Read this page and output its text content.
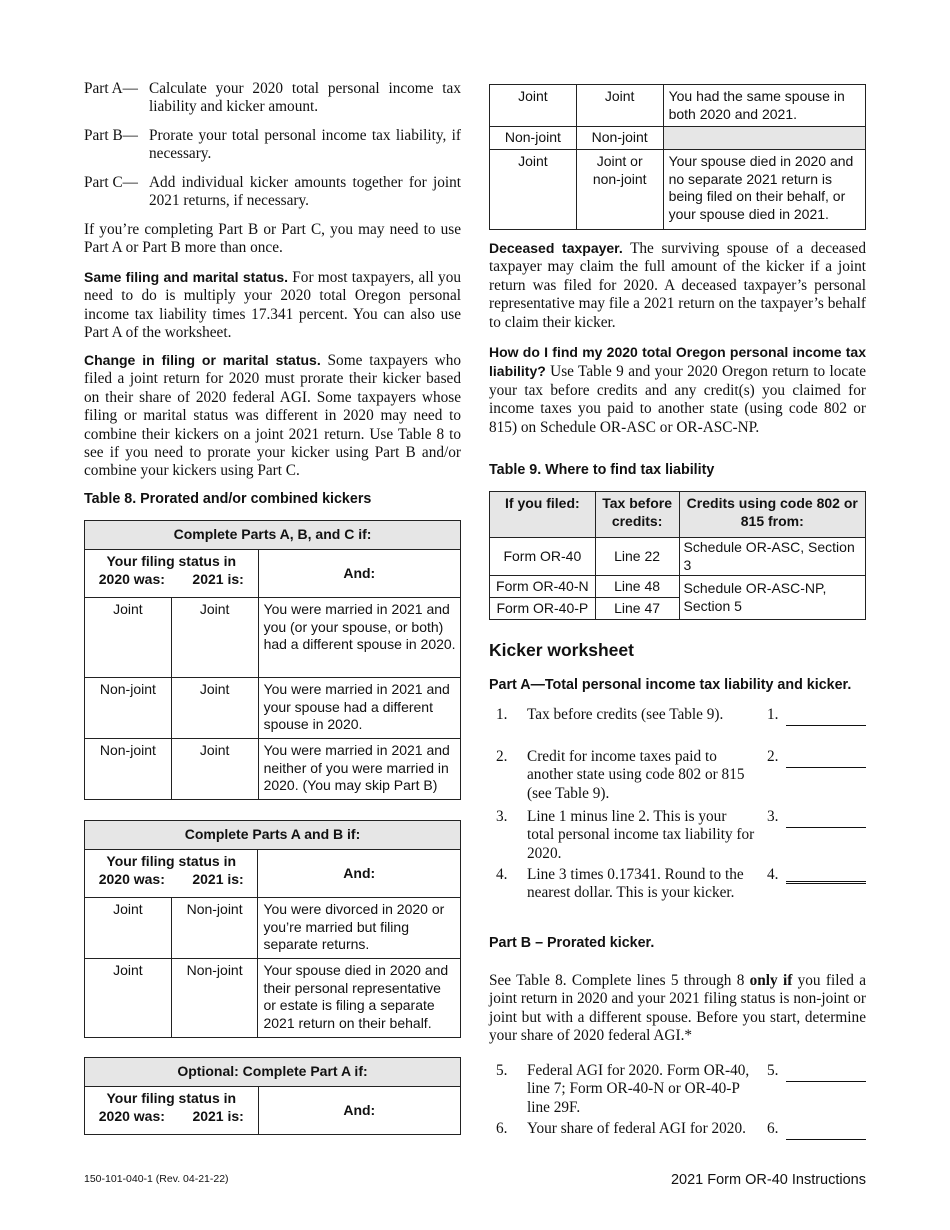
Part A— Calculate your 2020 total personal income tax liability and kicker amount.
Part B— Prorate your total personal income tax liability, if necessary.
Part C— Add individual kicker amounts together for joint 2021 returns, if necessary.

If you’re completing Part B or Part C, you may need to use Part A or Part B more than once.

Same filing and marital status. For most taxpayers, all you need to do is multiply your 2020 total Oregon personal income tax liability times 17.341 percent. You can also use Part A of the worksheet.

Change in filing or marital status. Some taxpayers who filed a joint return for 2020 must prorate their kicker based on their share of 2020 federal AGI. Some taxpayers whose filing or marital status was different in 2020 may need to combine their kickers on a joint 2021 return. Use Table 8 to see if you need to prorate your kicker using Part B and/or combine your kickers using Part C.

Table 8. Prorated and/or combined kickers
Complete Parts A, B, and C if:		

Your filing status in
2020 was: 2021 is:		And:
Joint	Joint	You were married in 2021 and you (or your spouse, or both) had a different spouse in 2020.
Non-joint	Joint	You were married in 2021 and your spouse had a different spouse in 2020.
Non-joint	Joint	You were married in 2021 and neither of you were married in 2020. (You may skip Part B)
Complete Parts A and B if:		

Your filing status in
2020 was: 2021 is:		And:
Joint	Non-joint	You were divorced in 2020 or you’re married but filing separate returns.
Joint	Non-joint	Your spouse died in 2020 and their personal representative or estate is filing a separate 2021 return on their behalf.
Optional: Complete Part A if:

Your filing status in
2020 was: 2021 is:	And:
Joint	Joint	You had the same spouse in both 2020 and 2021.
Non-joint	Non-joint	
Joint	Joint or non-joint	Your spouse died in 2020 and no separate 2021 return is being filed on their behalf, or your spouse died in 2021.

Deceased taxpayer. The surviving spouse of a deceased taxpayer may claim the full amount of the kicker if a joint return was filed for 2020. A deceased taxpayer’s personal representative may file a 2021 return on the taxpayer’s behalf to claim their kicker.

How do I find my 2020 total Oregon personal income tax liability? Use Table 9 and your 2020 Oregon return to locate your tax before credits and any credit(s) you claimed for income taxes you paid to another state (using code 802 or 815) on Schedule OR-ASC or OR-ASC-NP.

Table 9. Where to find tax liability
If you filed:	Tax before credits:	Credits using code 802 or 815 from:
Form OR-40	Line 22	Schedule OR-ASC, Section 3
Form OR-40-N	Line 48	Schedule OR-ASC-NP, Section 5
Form OR-40-P	Line 47	
Kicker worksheet
Part A—Total personal income tax liability and kicker.
1. Tax before credits (see Table 9).	1.
2. Credit for income taxes paid to another state using code 802 or 815 (see Table 9).
2.
3. Line 1 minus line 2. This is your total personal income tax liability for 2020.
3.
4. Line 3 times 0.17341. Round to the nearest dollar. This is your kicker.
4.
Part B – Prorated kicker.

See Table 8. Complete lines 5 through 8 only if you filed a joint return in 2020 and your 2021 filing status is non-joint or joint but with a different spouse. Before you start, determine your share of 2020 federal AGI.*

5. Federal AGI for 2020. Form OR-40, line 7; Form OR-40-N or OR-40-P line 29F.
5.
6. Your share of federal AGI for 2020.	6.
150-101-040-1 (Rev. 04-21-22)	2021 Form OR-40 Instructions
